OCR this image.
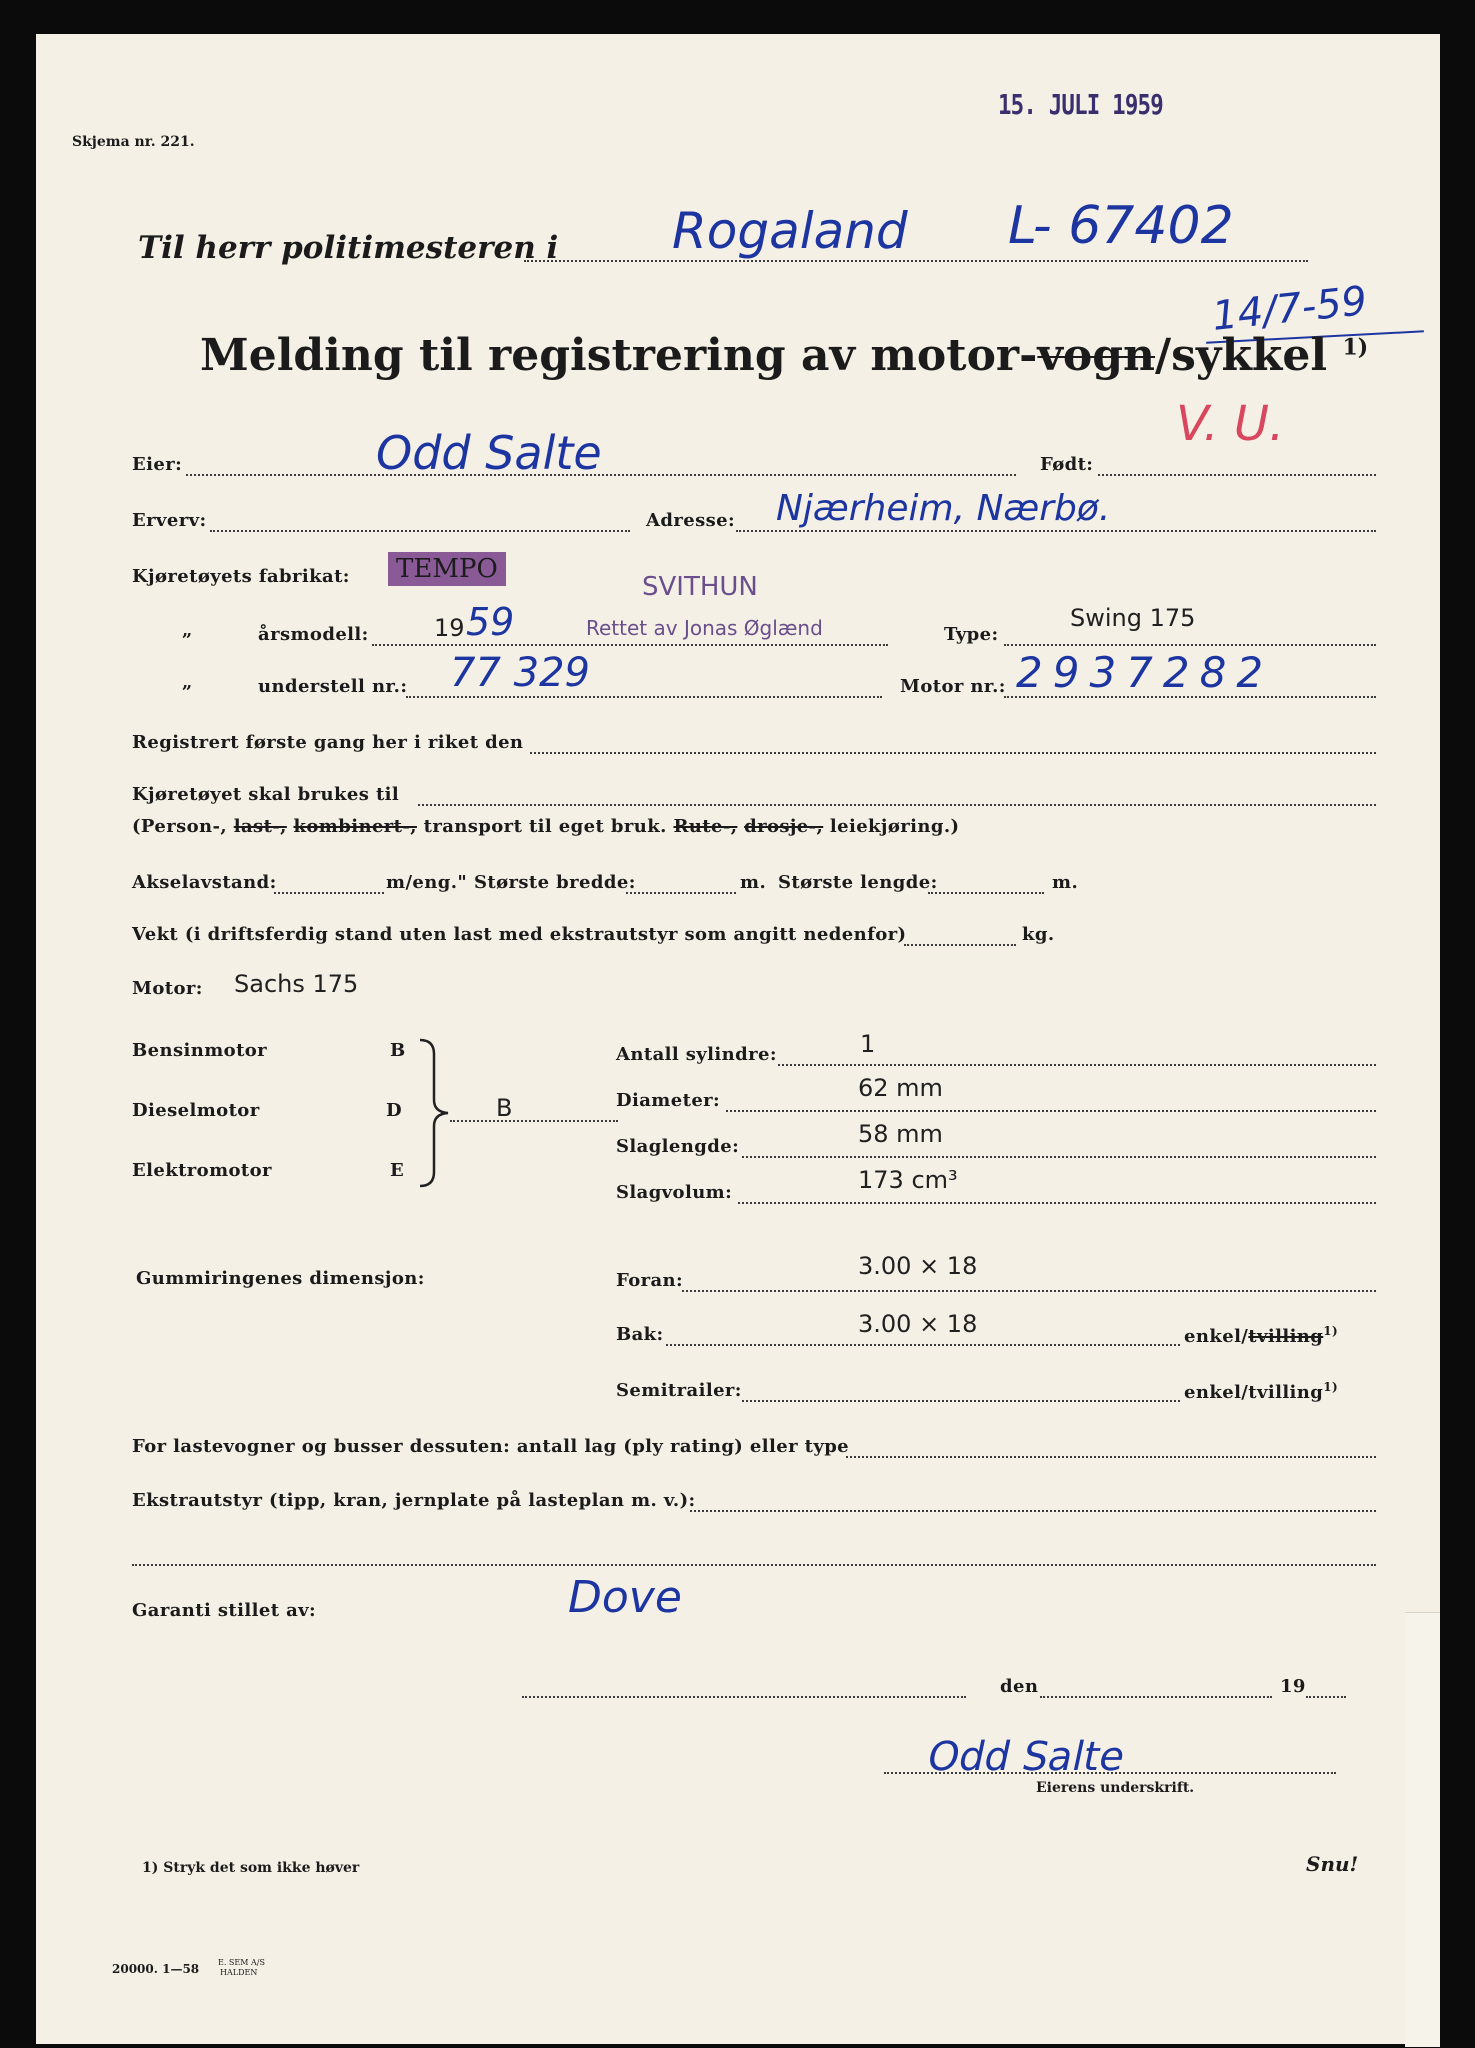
Skjema nr. 221.
15. JULI 1959
Til herr politimesteren i Rogaland L- 67402
14/7-59
V. U.
Melding til registrering av motor-vogn/sykkel $^{1)}$
Eier:	Odd Salte	Født:
Erverv:	Adresse: Njærheim, Nærbø.
Kjøretøyets fabrikat:	TEMPO
SVITHUN
„	årsmodell:	19 59	Rettet av Jonas Øglænd	Type:
Swing 175
„	understell nr.: 77 329	Motor nr.: 2937282
Registrert første gang her i riket den
Kjøretøyet skal brukes til
(Person-, last-, kombinert-, transport til eget bruk. Rute-, drosje-, leiekjøring.)
Akselavstand:	m/eng." Største bredde:	m. Største lengde:	m.
Vekt (i driftsferdig stand uten last med ekstrautstyr som angitt nedenfor)	kg.
Motor: Sachs 175
Bensinmotor	B
Dieselmotor	D
Elektromotor	E
B
Antall sylindre:	1
Diameter:	62 mm
Slaglengde:	58 mm
Slagvolum:	173 cm³
Gummiringenes dimensjon:	Foran:
3.00 × 18
Bak:	3.00 × 18	enkel/tvilling$^{1)}$
Semitrailer:	enkel/tvilling$^{1)}$
For lastevogner og busser dessuten: antall lag (ply rating) eller type
Ekstrautstyr (tipp, kran, jernplate på lasteplan m. v.):
Garanti stillet av:	Dove
den	19
Odd Salte
Eierens underskrift.
1) Stryk det som ikke høver	Snu!
20000. 1—58 E. SEM A/S
HALDEN
